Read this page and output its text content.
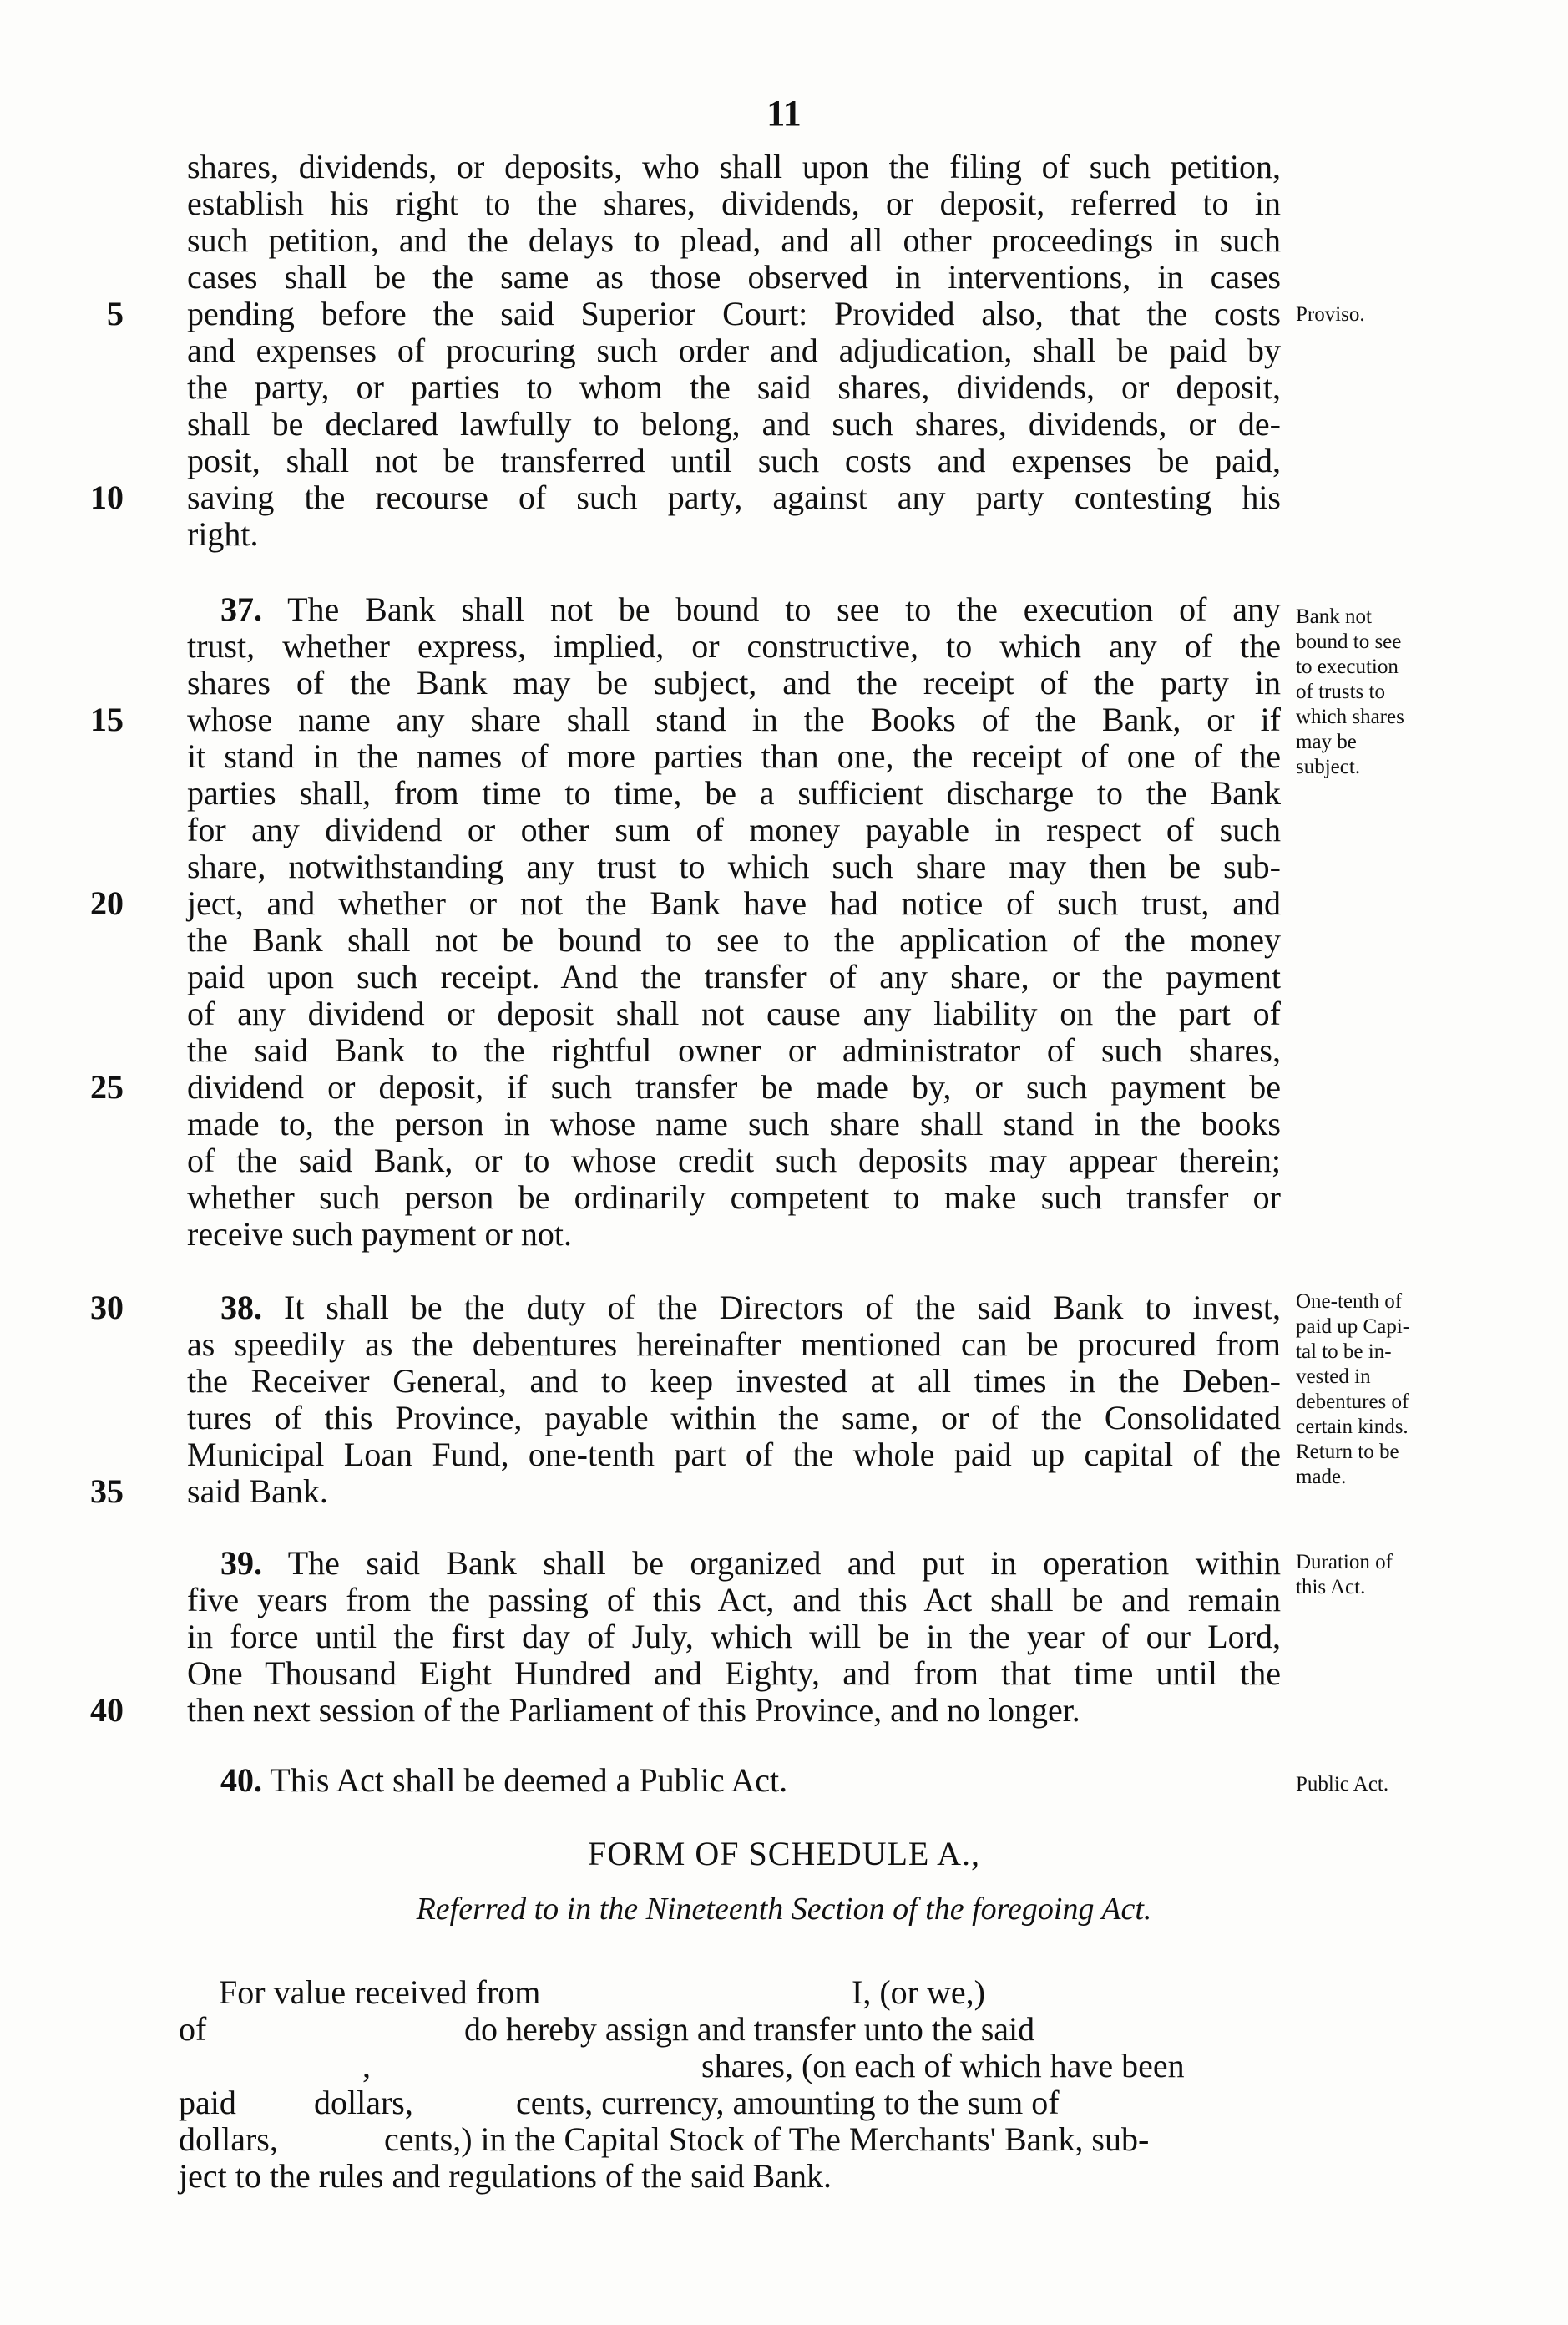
11
shares, dividends, or deposits, who shall upon the filing of such petition,
establish his right to the shares, dividends, or deposit, referred to in
such petition, and the delays to plead, and all other proceedings in such
cases shall be the same as those observed in interventions, in cases
pending before the said Superior Court: Provided also, that the costs
and expenses of procuring such order and adjudication, shall be paid by
the party, or parties to whom the said shares, dividends, or deposit,
shall be declared lawfully to belong, and such shares, dividends, or de-
posit, shall not be transferred until such costs and expenses be paid,
saving the recourse of such party, against any party contesting his
right.
37. The Bank shall not be bound to see to the execution of any
trust, whether express, implied, or constructive, to which any of the
shares of the Bank may be subject, and the receipt of the party in
whose name any share shall stand in the Books of the Bank, or if
it stand in the names of more parties than one, the receipt of one of the
parties shall, from time to time, be a sufficient discharge to the Bank
for any dividend or other sum of money payable in respect of such
share, notwithstanding any trust to which such share may then be sub-
ject, and whether or not the Bank have had notice of such trust, and
the Bank shall not be bound to see to the application of the money
paid upon such receipt. And the transfer of any share, or the payment
of any dividend or deposit shall not cause any liability on the part of
the said Bank to the rightful owner or administrator of such shares,
dividend or deposit, if such transfer be made by, or such payment be
made to, the person in whose name such share shall stand in the books
of the said Bank, or to whose credit such deposits may appear therein;
whether such person be ordinarily competent to make such transfer or
receive such payment or not.
38. It shall be the duty of the Directors of the said Bank to invest,
as speedily as the debentures hereinafter mentioned can be procured from
the Receiver General, and to keep invested at all times in the Deben-
tures of this Province, payable within the same, or of the Consolidated
Municipal Loan Fund, one-tenth part of the whole paid up capital of the
said Bank.
39. The said Bank shall be organized and put in operation within
five years from the passing of this Act, and this Act shall be and remain
in force until the first day of July, which will be in the year of our Lord,
One Thousand Eight Hundred and Eighty, and from that time until the
then next session of the Parliament of this Province, and no longer.
40. This Act shall be deemed a Public Act.
5
10
15
20
25
30
35
40
Proviso.
Bank not
bound to see
to execution
of trusts to
which shares
may be
subject.
One-tenth of
paid up Capi-
tal to be in-
vested in
debentures of
certain kinds.
Return to be
made.
Duration of
this Act.
Public Act.
FORM OF SCHEDULE A.,
Referred to in the Nineteenth Section of the foregoing Act.
For value received from	I, (or we,)
of	do hereby assign and transfer unto the said
,	shares, (on each of which have been
paid dollars,	cents, currency, amounting to the sum of
dollars,	cents,) in the Capital Stock of The Merchants' Bank, sub-
ject to the rules and regulations of the said Bank.
